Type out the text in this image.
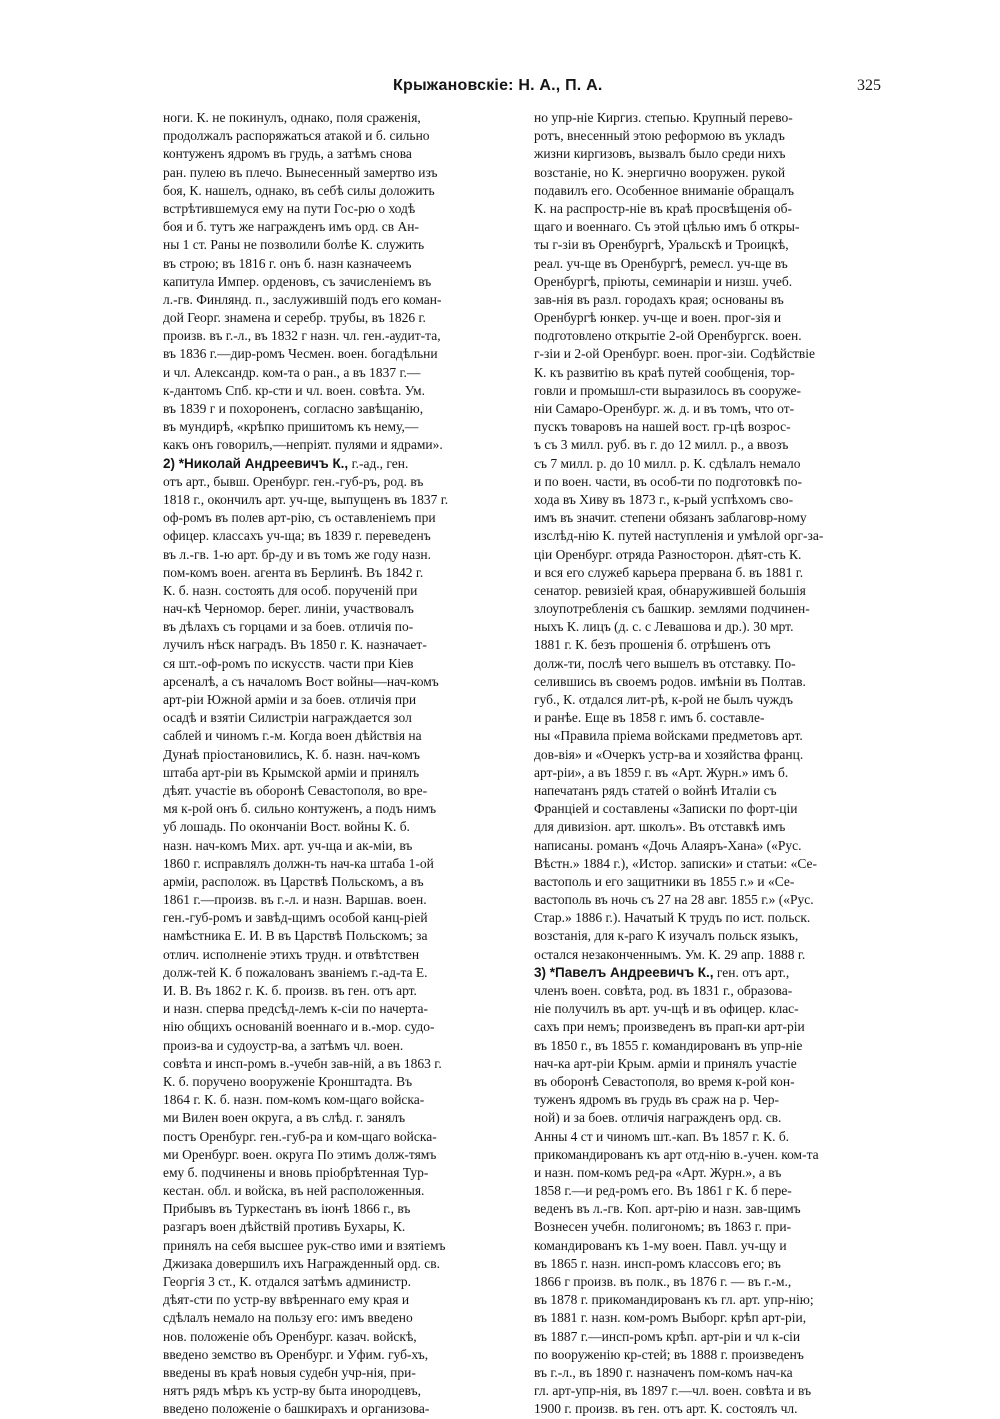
Крыжановскіе: Н. А., П. А.	325
ноги. К. не покинулъ, однако, поля сраженія,
продолжалъ распоряжаться атакой и б. сильно
контуженъ ядромъ въ грудь, а затѣмъ снова
ран. пулею въ плечо. Вынесенный замертво изъ
боя, К. нашелъ, однако, въ себѣ силы доложить
встрѣтившемуся ему на пути Гос-рю о ходѣ
боя и б. тутъ же награжденъ имъ орд. св Ан-
ны 1 ст. Раны не позволили болѣе К. служить
въ строю; въ 1816 г. онъ б. назн казначеемъ
капитула Импер. орденовъ, съ зачисленіемъ въ
л.-гв. Финлянд. п., заслужившій подъ его коман-
дой Георг. знамена и серебр. трубы, въ 1826 г.
произв. въ г.-л., въ 1832 г назн. чл. ген.-аудит-та,
въ 1836 г.—дир-ромъ Чесмен. воен. богадѣльни
и чл. Александр. ком-та о ран., а въ 1837 г.—
к-дантомъ Спб. кр-сти и чл. воен. совѣта. Ум.
въ 1839 г и похороненъ, согласно завѣщанію,
въ мундирѣ, «крѣпко пришитомъ къ нему,—
какъ онъ говорилъ,—непріят. пулями и ядрами».
2) *Николай Андреевичъ К., г.-ад., ген.
отъ арт., бывш. Оренбург. ген.-губ-ръ, род. въ
1818 г., окончилъ арт. уч-ще, выпущенъ въ 1837 г.
оф-ромъ въ полев арт-рію, съ оставленіемъ при
офицер. классахъ уч-ща; въ 1839 г. переведенъ
въ л.-гв. 1-ю арт. бр-ду и въ томъ же году назн.
пом-комъ воен. агента въ Берлинѣ. Въ 1842 г.
К. б. назн. состоять для особ. порученій при
нач-кѣ Черномор. берег. линіи, участвовалъ
въ дѣлахъ съ горцами и за боев. отличія по-
лучилъ нѣск наградъ. Въ 1850 г. К. назначает-
ся шт.-оф-ромъ по искусств. части при Кіев
арсеналѣ, а съ началомъ Вост войны—нач-комъ
арт-ріи Южной арміи и за боев. отличія при
осадѣ и взятіи Силистріи награждается зол
саблей и чиномъ г.-м. Когда воен дѣйствія на
Дунаѣ пріостановились, К. б. назн. нач-комъ
штаба арт-ріи въ Крымской арміи и принялъ
дѣят. участіе въ оборонѣ Севастополя, во вре-
мя к-рой онъ б. сильно контуженъ, а подъ нимъ
уб лошадь. По окончаніи Вост. войны К. б.
назн. нач-комъ Мих. арт. уч-ща и ак-міи, въ
1860 г. исправлялъ должн-ть нач-ка штаба 1-ой
арміи, располож. въ Царствѣ Польскомъ, а въ
1861 г.—произв. въ г.-л. и назн. Варшав. воен.
ген.-губ-ромъ и завѣд-щимъ особой канц-ріей
намѣстника Е. И. В въ Царствѣ Польскомъ; за
отлич. исполненіе этихъ трудн. и отвѣтствен
долж-тей К. б пожалованъ званіемъ г.-ад-та Е.
И. В. Въ 1862 г. К. б. произв. въ ген. отъ арт.
и назн. сперва предсѣд-лемъ к-сіи по начерта-
нію общихъ основаній военнаго и в.-мор. судо-
произ-ва и судоустр-ва, а затѣмъ чл. воен.
совѣта и инсп-ромъ в.-учебн зав-ній, а въ 1863 г.
К. б. поручено вооруженіе Кронштадта. Въ
1864 г. К. б. назн. пом-комъ ком-щаго войска-
ми Вилен воен округа, а въ слѣд. г. занялъ
постъ Оренбург. ген.-губ-ра и ком-щаго войска-
ми Оренбург. воен. округа По этимъ долж-тямъ
ему б. подчинены и вновь пріобрѣтенная Тур-
кестан. обл. и войска, въ ней расположенныя.
Прибывъ въ Туркестанъ въ іюнѣ 1866 г., въ
разгаръ воен дѣйствій противъ Бухары, К.
принялъ на себя высшее рук-ство ими и взятіемъ
Джизака довершилъ ихъ Награжденный орд. св.
Георгія 3 ст., К. отдался затѣмъ администр.
дѣят-сти по устр-ву ввѣреннаго ему края и
сдѣлалъ немало на пользу его: имъ введено
нов. положеніе объ Оренбург. казач. войскѣ,
введено земство въ Оренбург. и Уфим. губ-хъ,
введены въ краѣ новыя судебн учр-нія, при-
нятъ рядъ мѣръ къ устр-ву быта инородцевъ,
введено положеніе о башкирахъ и организова-
но упр-ніе Киргиз. степью. Крупный перево-
ротъ, внесенный этою реформою въ укладъ
жизни киргизовъ, вызвалъ было среди нихъ
возстаніе, но К. энергично вооружен. рукой
подавилъ его. Особенное вниманіе обращалъ
К. на распростр-ніе въ краѣ просвѣщенія об-
щаго и военнаго. Съ этой цѣлью имъ б откры-
ты г-зіи въ Оренбургѣ, Уральскѣ и Троицкѣ,
реал. уч-ще въ Оренбургѣ, ремесл. уч-ще въ
Оренбургѣ, пріюты, семинаріи и низш. учеб.
зав-нія въ разл. городахъ края; основаны въ
Оренбургѣ юнкер. уч-ще и воен. прог-зія и
подготовлено открытіе 2-ой Оренбургск. воен.
г-зіи и 2-ой Оренбург. воен. прог-зіи. Содѣйствіе
К. къ развитію въ краѣ путей сообщенія, тор-
говли и промышл-сти выразилось въ сооруже-
ніи Самаро-Оренбург. ж. д. и въ томъ, что от-
пускъ товаровъ на нашей вост. гр-цѣ возрос-
ъ съ 3 милл. руб. въ г. до 12 милл. р., а ввозъ
съ 7 милл. р. до 10 милл. р. К. сдѣлалъ немало
и по воен. части, въ особ-ти по подготовкѣ по-
хода въ Хиву въ 1873 г., к-рый успѣхомъ сво-
имъ въ значит. степени обязанъ заблаговр-ному
изслѣд-нію К. путей наступленія и умѣлой орг-за-
ціи Оренбург. отряда Разносторон. дѣят-сть К.
и вся его служеб карьера прервана б. въ 1881 г.
сенатор. ревизіей края, обнаружившей большія
злоупотребленія съ башкир. землями подчинен-
ныхъ К. лицъ (д. с. с Левашова и др.). 30 мрт.
1881 г. К. безъ прошенія б. отрѣшенъ отъ
долж-ти, послѣ чего вышелъ въ отставку. По-
селившись въ своемъ родов. имѣніи въ Полтав.
губ., К. отдался лит-рѣ, к-рой не былъ чуждъ
и ранѣе. Еще въ 1858 г. имъ б. составле-
ны «Правила пріема войсками предметовъ арт.
дов-вія» и «Очеркъ устр-ва и хозяйства франц.
арт-ріи», а въ 1859 г. въ «Арт. Журн.» имъ б.
напечатанъ рядъ статей о войнѣ Италіи съ
Франціей и составлены «Записки по форт-ціи
для дивизіон. арт. школъ». Въ отставкѣ имъ
написаны. романъ «Дочь Алаяръ-Хана» («Рус.
Вѣстн.» 1884 г.), «Истор. записки» и статьи: «Се-
вастополь и его защитники въ 1855 г.» и «Се-
вастополь въ ночь съ 27 на 28 авг. 1855 г.» («Рус.
Стар.» 1886 г.). Начатый К трудъ по ист. польск.
возстанія, для к-раго К изучалъ польск языкъ,
остался незаконченнымъ. Ум. К. 29 апр. 1888 г.
3) *Павелъ Андреевичъ К., ген. отъ арт.,
членъ воен. совѣта, род. въ 1831 г., образова-
ніе получилъ въ арт. уч-щѣ и въ офицер. клас-
сахъ при немъ; произведенъ въ прап-ки арт-ріи
въ 1850 г., въ 1855 г. командированъ въ упр-ніе
нач-ка арт-ріи Крым. арміи и принялъ участіе
въ оборонѣ Севастополя, во время к-рой кон-
туженъ ядромъ въ грудь въ сраж на р. Чер-
ной) и за боев. отличія награжденъ орд. св.
Анны 4 ст и чиномъ шт.-кап. Въ 1857 г. К. б.
прикомандированъ къ арт отд-нію в.-учен. ком-та
и назн. пом-комъ ред-ра «Арт. Журн.», а въ
1858 г.—и ред-ромъ его. Въ 1861 г К. б пере-
веденъ въ л.-гв. Коп. арт-рію и назн. зав-щимъ
Вознесен учебн. полигономъ; въ 1863 г. при-
командированъ къ 1-му воен. Павл. уч-щу и
въ 1865 г. назн. инсп-ромъ классовъ его; въ
1866 г произв. въ полк., въ 1876 г. — въ г.-м.,
въ 1878 г. прикомандированъ къ гл. арт. упр-нію;
въ 1881 г. назн. ком-ромъ Выборг. крѣп арт-ріи,
въ 1887 г.—инсп-ромъ крѣп. арт-ріи и чл к-сіи
по вооруженію кр-стей; въ 1888 г. произведенъ
въ г.-л., въ 1890 г. назначенъ пом-комъ нач-ка
гл. арт-упр-нія, въ 1897 г.—чл. воен. совѣта и въ
1900 г. произв. въ ген. отъ арт. К. состоялъ чл.
